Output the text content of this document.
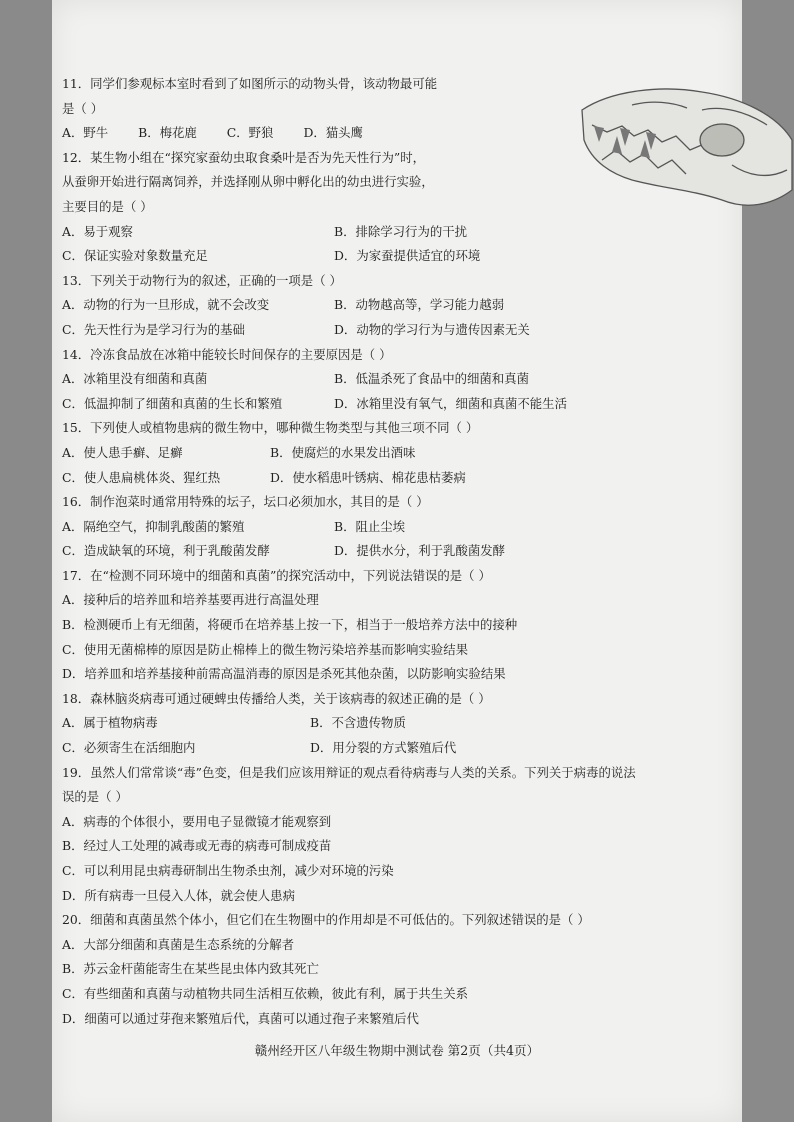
11．同学们参观标本室时看到了如图所示的动物头骨，该动物最可能
是（ ）
A．野牛 B．梅花鹿 C．野狼 D．猫头鹰
12．某生物小组在“探究家蚕幼虫取食桑叶是否为先天性行为”时，
从蚕卵开始进行隔离饲养，并选择刚从卵中孵化出的幼虫进行实验，
主要目的是（ ）
A．易于观察	B．排除学习行为的干扰
C．保证实验对象数量充足	D．为家蚕提供适宜的环境
13．下列关于动物行为的叙述，正确的一项是（ ）
A．动物的行为一旦形成，就不会改变	B．动物越高等，学习能力越弱
C．先天性行为是学习行为的基础	D．动物的学习行为与遗传因素无关
14．冷冻食品放在冰箱中能较长时间保存的主要原因是（ ）
A．冰箱里没有细菌和真菌	B．低温杀死了食品中的细菌和真菌
C．低温抑制了细菌和真菌的生长和繁殖	D．冰箱里没有氧气，细菌和真菌不能生活
15．下列使人或植物患病的微生物中，哪种微生物类型与其他三项不同（ ）
A．使人患手癣、足癣	B．使腐烂的水果发出酒味
C．使人患扁桃体炎、猩红热	D．使水稻患叶锈病、棉花患枯萎病
16．制作泡菜时通常用特殊的坛子，坛口必须加水，其目的是（ ）
A．隔绝空气，抑制乳酸菌的繁殖	B．阻止尘埃
C．造成缺氧的环境，利于乳酸菌发酵	D．提供水分，利于乳酸菌发酵
17．在“检测不同环境中的细菌和真菌”的探究活动中，下列说法错误的是（ ）
A．接种后的培养皿和培养基要再进行高温处理
B．检测硬币上有无细菌，将硬币在培养基上按一下，相当于一般培养方法中的接种
C．使用无菌棉棒的原因是防止棉棒上的微生物污染培养基而影响实验结果
D．培养皿和培养基接种前需高温消毒的原因是杀死其他杂菌，以防影响实验结果
18．森林脑炎病毒可通过硬蜱虫传播给人类，关于该病毒的叙述正确的是（ ）
A．属于植物病毒	B．不含遗传物质
C．必须寄生在活细胞内	D．用分裂的方式繁殖后代
19．虽然人们常常谈“毒”色变，但是我们应该用辩证的观点看待病毒与人类的关系。下列关于病毒的说法
误的是（ ）
A．病毒的个体很小，要用电子显微镜才能观察到
B．经过人工处理的减毒或无毒的病毒可制成疫苗
C．可以利用昆虫病毒研制出生物杀虫剂，减少对环境的污染
D．所有病毒一旦侵入人体，就会使人患病
20．细菌和真菌虽然个体小，但它们在生物圈中的作用却是不可低估的。下列叙述错误的是（ ）
A．大部分细菌和真菌是生态系统的分解者
B．苏云金杆菌能寄生在某些昆虫体内致其死亡
C．有些细菌和真菌与动植物共同生活相互依赖，彼此有利，属于共生关系
D．细菌可以通过芽孢来繁殖后代，真菌可以通过孢子来繁殖后代
赣州经开区八年级生物期中测试卷 第2页（共4页）
